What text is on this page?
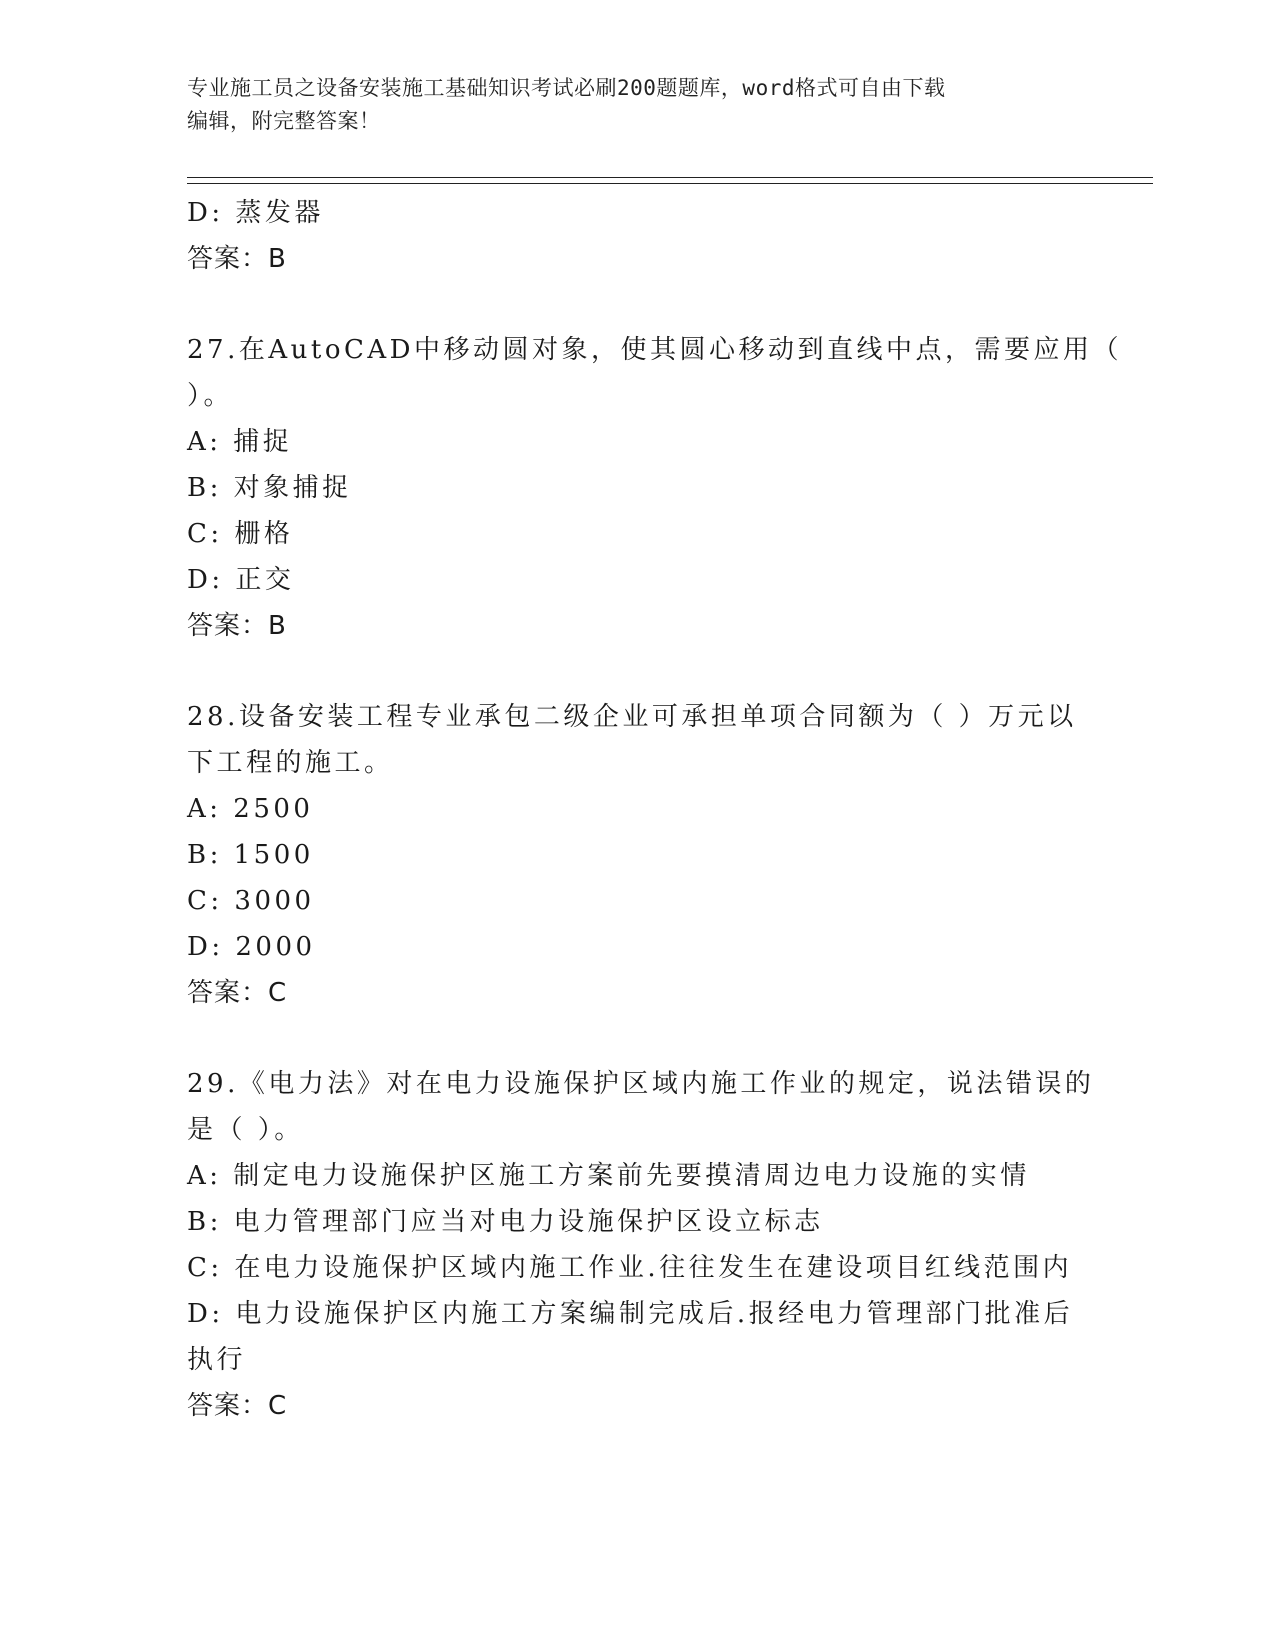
专业施工员之设备安装施工基础知识考试必刷200题题库，word格式可自由下载
编辑，附完整答案！
D: 蒸发器
答案：B
27.在AutoCAD中移动圆对象，使其圆心移动到直线中点，需要应用（
）。
A: 捕捉
B: 对象捕捉
C: 栅格
D: 正交
答案：B
28.设备安装工程专业承包二级企业可承担单项合同额为（ ）万元以
下工程的施工。
A: 2500
B: 1500
C: 3000
D: 2000
答案：C
29.《电力法》对在电力设施保护区域内施工作业的规定，说法错误的
是（ ）。
A: 制定电力设施保护区施工方案前先要摸清周边电力设施的实情
B: 电力管理部门应当对电力设施保护区设立标志
C: 在电力设施保护区域内施工作业.往往发生在建设项目红线范围内
D: 电力设施保护区内施工方案编制完成后.报经电力管理部门批准后
执行
答案：C
